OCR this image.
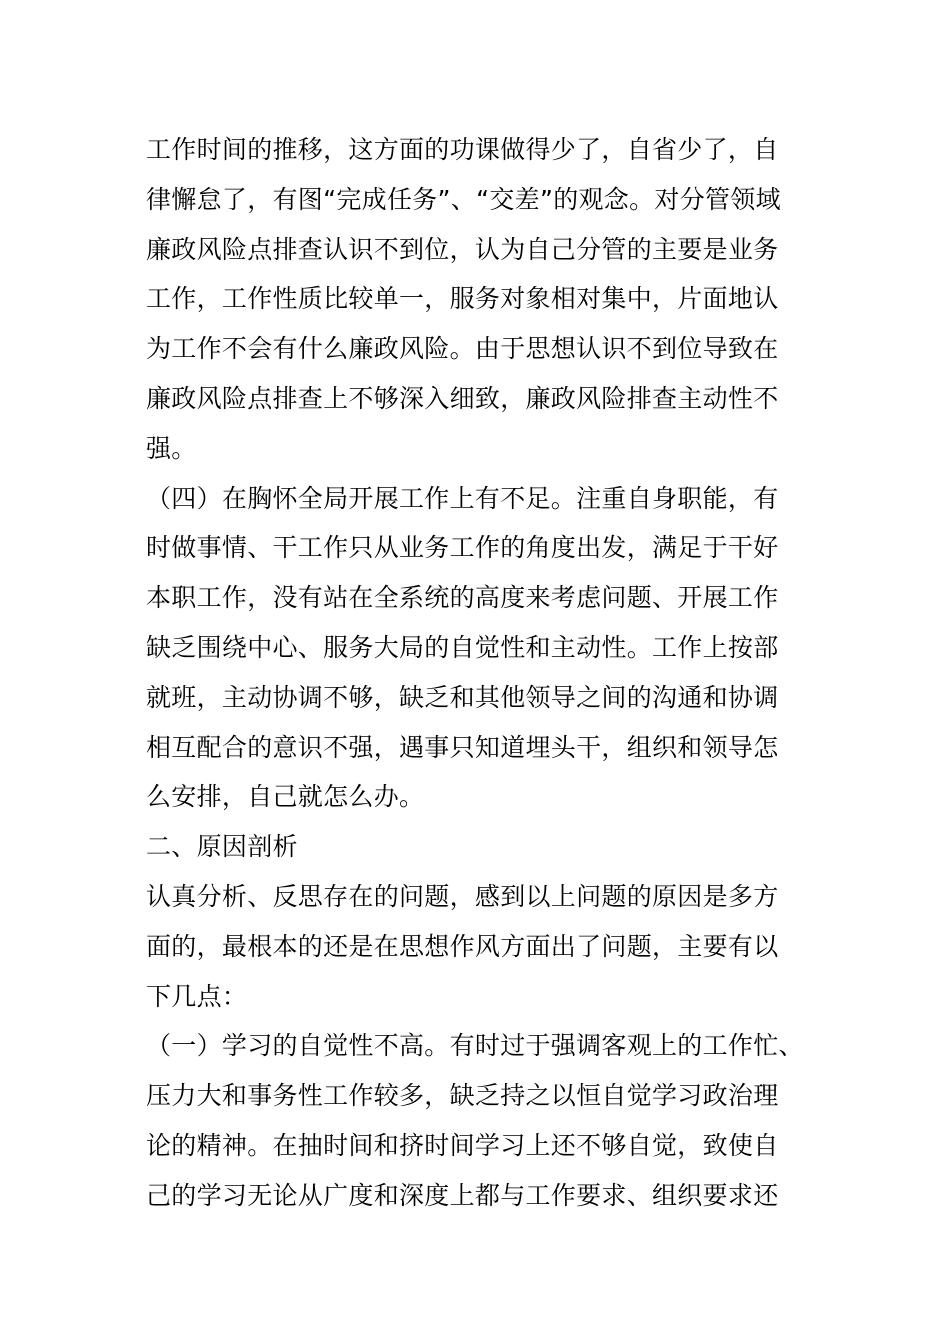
工作时间的推移，这方面的功课做得少了，自省少了，自
律懈怠了，有图“完成任务”、“交差”的观念。对分管领域
廉政风险点排查认识不到位，认为自己分管的主要是业务
工作，工作性质比较单一，服务对象相对集中，片面地认
为工作不会有什么廉政风险。由于思想认识不到位导致在
廉政风险点排查上不够深入细致，廉政风险排查主动性不
强。
（四）在胸怀全局开展工作上有不足。注重自身职能，有
时做事情、干工作只从业务工作的角度出发，满足于干好
本职工作，没有站在全系统的高度来考虑问题、开展工作
缺乏围绕中心、服务大局的自觉性和主动性。工作上按部
就班，主动协调不够，缺乏和其他领导之间的沟通和协调
相互配合的意识不强，遇事只知道埋头干，组织和领导怎
么安排，自己就怎么办。
二、原因剖析
认真分析、反思存在的问题，感到以上问题的原因是多方
面的，最根本的还是在思想作风方面出了问题，主要有以
下几点：
（一）学习的自觉性不高。有时过于强调客观上的工作忙、
压力大和事务性工作较多，缺乏持之以恒自觉学习政治理
论的精神。在抽时间和挤时间学习上还不够自觉，致使自
己的学习无论从广度和深度上都与工作要求、组织要求还
